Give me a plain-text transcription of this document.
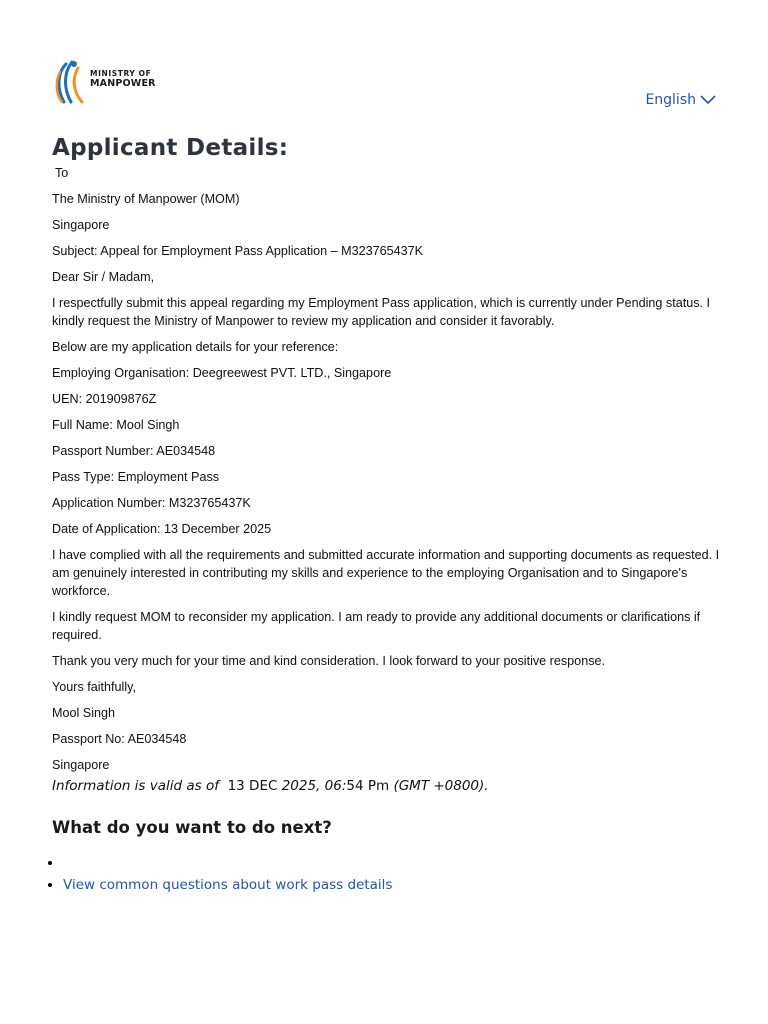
MINISTRY OF
MANPOWER
English
Applicant Details:

To

The Ministry of Manpower (MOM)

Singapore

Subject: Appeal for Employment Pass Application – M323765437K

Dear Sir / Madam,

I respectfully submit this appeal regarding my Employment Pass application, which is currently under Pending status. I kindly request the Ministry of Manpower to review my application and consider it favorably.

Below are my application details for your reference:

Employing Organisation: Deegreewest PVT. LTD., Singapore

UEN: 201909876Z

Full Name: Mool Singh

Passport Number: AE034548

Pass Type: Employment Pass

Application Number: M323765437K

Date of Application: 13 December 2025

I have complied with all the requirements and submitted accurate information and supporting documents as requested. I am genuinely interested in contributing my skills and experience to the employing Organisation and to Singapore's workforce.

I kindly request MOM to reconsider my application. I am ready to provide any additional documents or clarifications if required.

Thank you very much for your time and kind consideration. I look forward to your positive response.

Yours faithfully,

Mool Singh

Passport No: AE034548

Singapore

Information is valid as of 13 DEC 2025, 06:54 Pm (GMT +0800).
What do you want to do next?
•
• View common questions about work pass details
